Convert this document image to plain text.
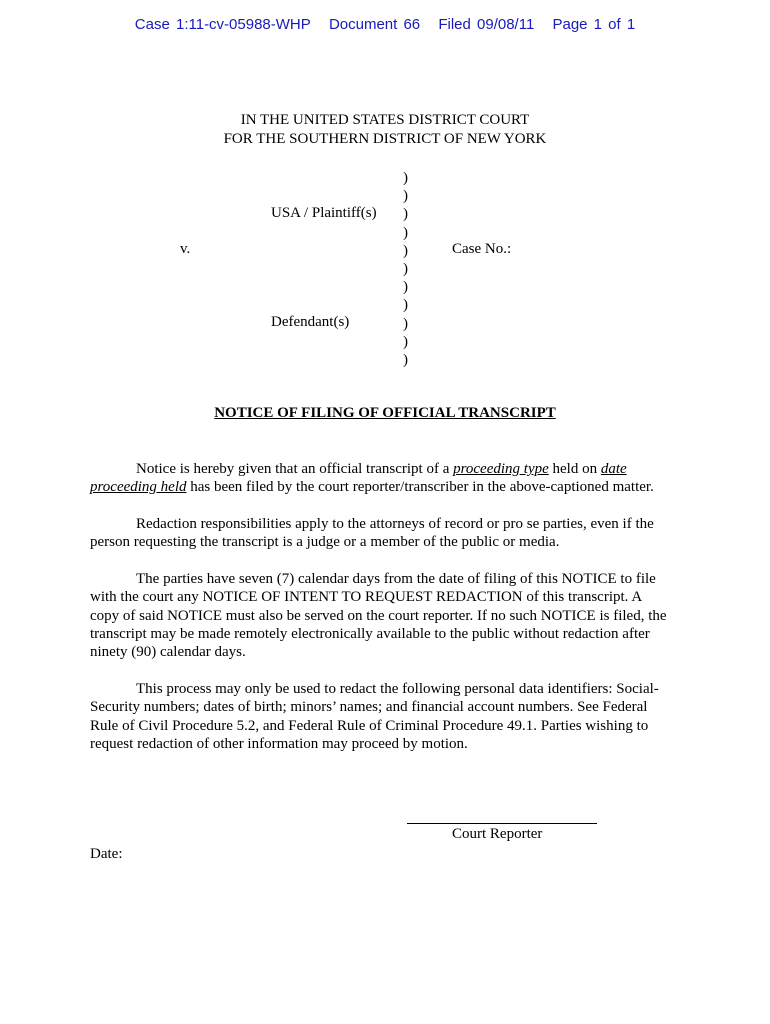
Case 1:11-cv-05988-WHP Document 66 Filed 09/08/11 Page 1 of 1
IN THE UNITED STATES DISTRICT COURT
FOR THE SOUTHERN DISTRICT OF NEW YORK
)
)
)
)
)
)
)
)
)
)
)
USA / Plaintiff(s)
v.	Case No.:
Defendant(s)
NOTICE OF FILING OF OFFICIAL TRANSCRIPT
Notice is hereby given that an official transcript of a proceeding type held on date
proceeding held has been filed by the court reporter/transcriber in the above-captioned matter.
Redaction responsibilities apply to the attorneys of record or pro se parties, even if the
person requesting the transcript is a judge or a member of the public or media.
The parties have seven (7) calendar days from the date of filing of this NOTICE to file
with the court any NOTICE OF INTENT TO REQUEST REDACTION of this transcript. A
copy of said NOTICE must also be served on the court reporter. If no such NOTICE is filed, the
transcript may be made remotely electronically available to the public without redaction after
ninety (90) calendar days.
This process may only be used to redact the following personal data identifiers: Social-
Security numbers; dates of birth; minors’ names; and financial account numbers. See Federal
Rule of Civil Procedure 5.2, and Federal Rule of Criminal Procedure 49.1. Parties wishing to
request redaction of other information may proceed by motion.
Court Reporter
Date:
